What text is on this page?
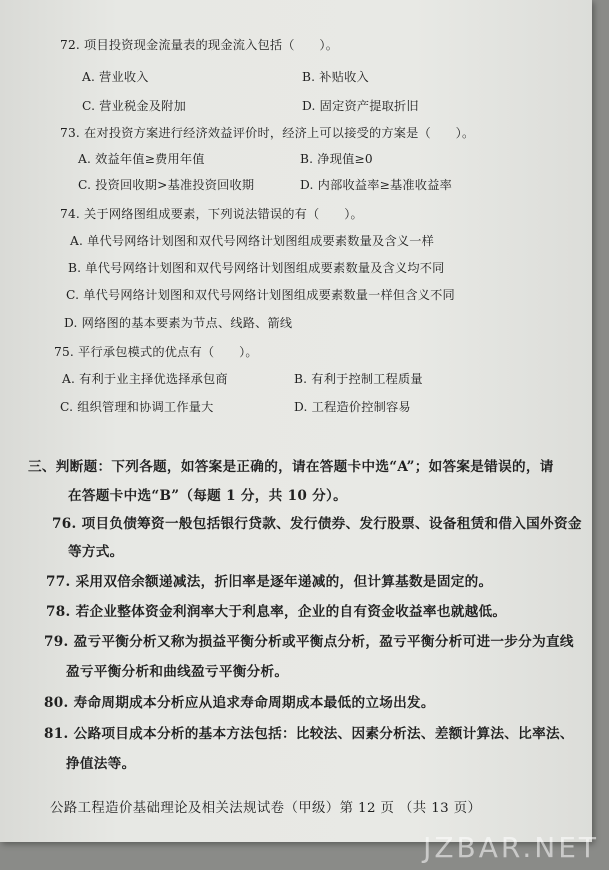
72. 项目投资现金流量表的现金流入包括（　　）。
A. 营业收入	B. 补贴收入
C. 营业税金及附加	D. 固定资产提取折旧
73. 在对投资方案进行经济效益评价时，经济上可以接受的方案是（　　）。
A. 效益年值≥费用年值	B. 净现值≥0
C. 投资回收期>基准投资回收期	D. 内部收益率≥基准收益率
74. 关于网络图组成要素，下列说法错误的有（　　）。
A. 单代号网络计划图和双代号网络计划图组成要素数量及含义一样
B. 单代号网络计划图和双代号网络计划图组成要素数量及含义均不同
C. 单代号网络计划图和双代号网络计划图组成要素数量一样但含义不同
D. 网络图的基本要素为节点、线路、箭线
75. 平行承包模式的优点有（　　）。
A. 有利于业主择优选择承包商	B. 有利于控制工程质量
C. 组织管理和协调工作量大	D. 工程造价控制容易
三、判断题：下列各题，如答案是正确的，请在答题卡中选“A”；如答案是错误的，请
在答题卡中选“B”（每题 1 分，共 10 分）。
76. 项目负债筹资一般包括银行贷款、发行债券、发行股票、设备租赁和借入国外资金
等方式。
77. 采用双倍余额递减法，折旧率是逐年递减的，但计算基数是固定的。
78. 若企业整体资金利润率大于利息率，企业的自有资金收益率也就越低。
79. 盈亏平衡分析又称为损益平衡分析或平衡点分析，盈亏平衡分析可进一步分为直线
盈亏平衡分析和曲线盈亏平衡分析。
80. 寿命周期成本分析应从追求寿命周期成本最低的立场出发。
81. 公路项目成本分析的基本方法包括：比较法、因素分析法、差额计算法、比率法、
挣值法等。
公路工程造价基础理论及相关法规试卷（甲级）第 12 页 （共 13 页）
JZBAR.NET
